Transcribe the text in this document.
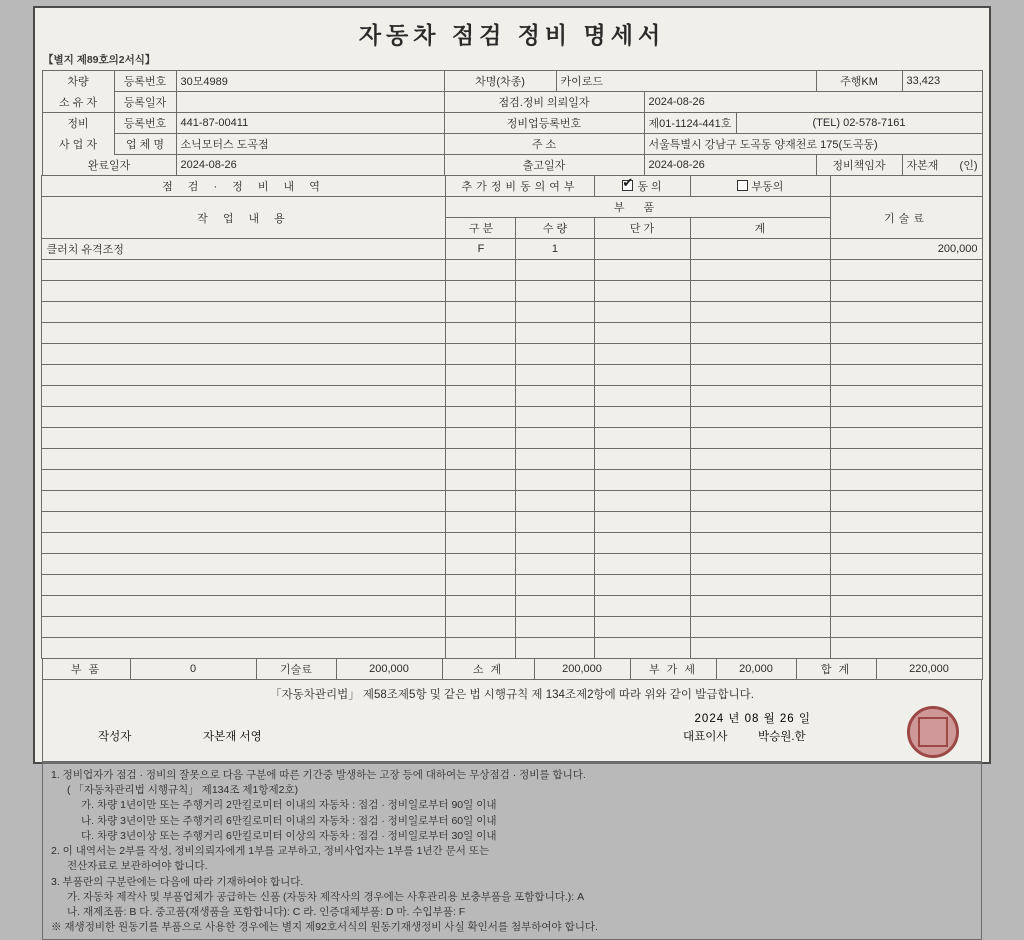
자동차 점검 정비 명세서
【별지 제89호의2서식】
차량	등록번호	30모4989	차명(차종)	카이로드			주행KM	33,423
소 유 자	등록일자		점검.정비 의뢰일자		2024-08-26			
정비	등록번호	441-87-00411	정비업등록번호		제01-1124-441호	(TEL) 02-578-7161		
사 업 자	업 체 명	소닉모터스 도곡점	주 소		서울특별시 강남구 도곡동 양재천로 175(도곡동)			
완료일자		2024-08-26	출고일자		2024-08-26		정비책임자	자본재 (인)
점 검 · 정 비 내 역	추가정비동의여부	✔동 의	부동의	
작 업 내 용	부 품				기술료
	구 분	수 량	단 가	계	
클러치 유격조정	F	1			200,000

부 품	0	기술료	200,000	소 계	200,000	부 가 세	20,000	합 계	220,000
「자동차관리법」 제58조제5항 및 같은 법 시행규칙 제 134조제2항에 따라 위와 같이 발급합니다.
2024 년 08 월 26 일
작성자	자본재 서영	대표이사	박승원.한
1. 정비업자가 점검 · 정비의 잘못으로 다음 구분에 따른 기간중 발생하는 고장 등에 대하여는 무상점검 · 정비를 합니다.
( 「자동차관리법 시행규칙」 제134조 제1항제2호)
가. 차량 1년이만 또는 주행거리 2만킬로미터 이내의 자동차 : 점검 · 정비일로부터 90일 이내
나. 차량 3년이만 또는 주행거리 6만킬로미터 이내의 자동차 : 점검 · 정비일로부터 60일 이내
다. 차량 3년이상 또는 주행거리 6만킬로미터 이상의 자동차 : 점검 · 정비일로부터 30일 이내
2. 이 내역서는 2부를 작성, 정비의뢰자에게 1부를 교부하고, 정비사업자는 1부를 1년간 문서 또는
전산자료로 보관하여야 합니다.
3. 부품란의 구분란에는 다음에 따라 기재하여야 합니다.
가. 자동차 제작사 및 부품업체가 공급하는 신품 (자동차 제작사의 경우에는 사후관리용 보충부품을 포함합니다.): A
나. 재제조품: B 다. 중고품(재생품을 포함합니다): C 라. 인증대체부품: D 마. 수입부품: F
※ 재생정비한 원동기를 부품으로 사용한 경우에는 별지 제92호서식의 원동기재생정비 사실 확인서를 첨부하여야 합니다.
